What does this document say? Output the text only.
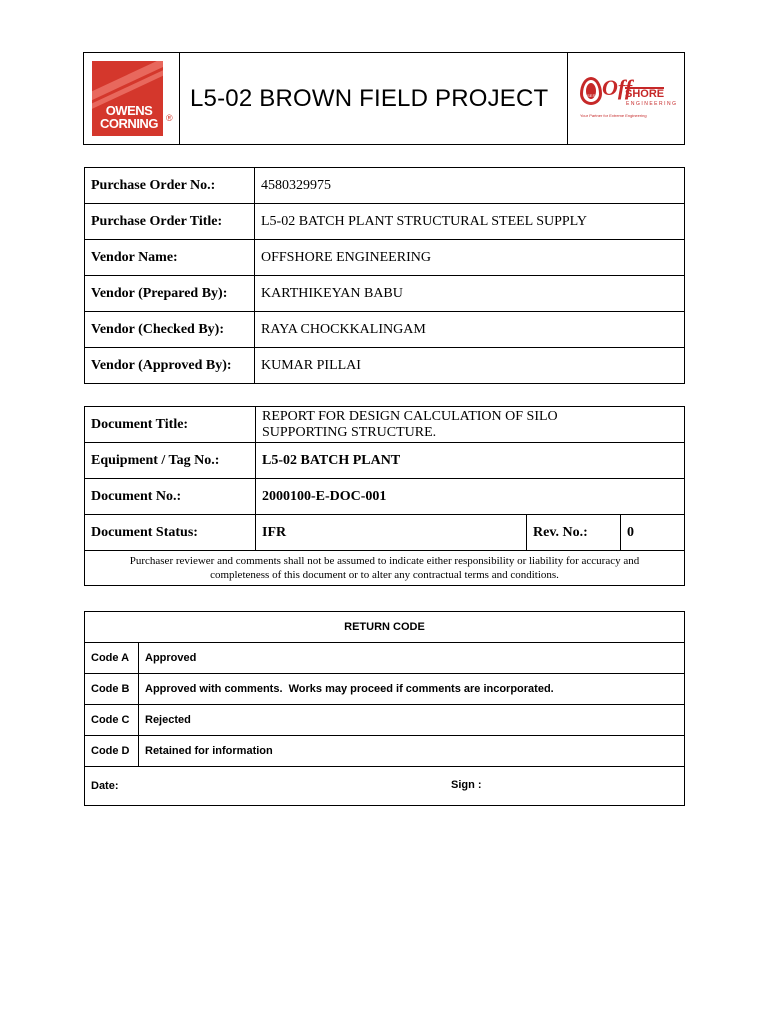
OWENS
CORNING ®
L5-02 BROWN FIELD PROJECT	OSES Off
SHORE
ENGINEERING
Your Partner for Extreme Engineering
Purchase Order No.:	4580329975
Purchase Order Title:	L5-02 BATCH PLANT STRUCTURAL STEEL SUPPLY
Vendor Name:	OFFSHORE ENGINEERING
Vendor (Prepared By):	KARTHIKEYAN BABU
Vendor (Checked By):	RAYA CHOCKKALINGAM
Vendor (Approved By):	KUMAR PILLAI
Document Title:	REPORT FOR DESIGN CALCULATION OF SILO
SUPPORTING STRUCTURE.		

Equipment / Tag No.:	L5-02 BATCH PLANT		
Document No.:	2000100-E-DOC-001		
Document Status:	IFR	Rev. No.:	0

Purchaser reviewer and comments shall not be assumed to indicate either responsibility or liability for accuracy and
completeness of this document or to alter any contractual terms and conditions.			
RETURN CODE	
Code A	Approved
Code B	Approved with comments.  Works may proceed if comments are incorporated.
Code C	Rejected
Code D	Retained for information
Date: Sign :	
